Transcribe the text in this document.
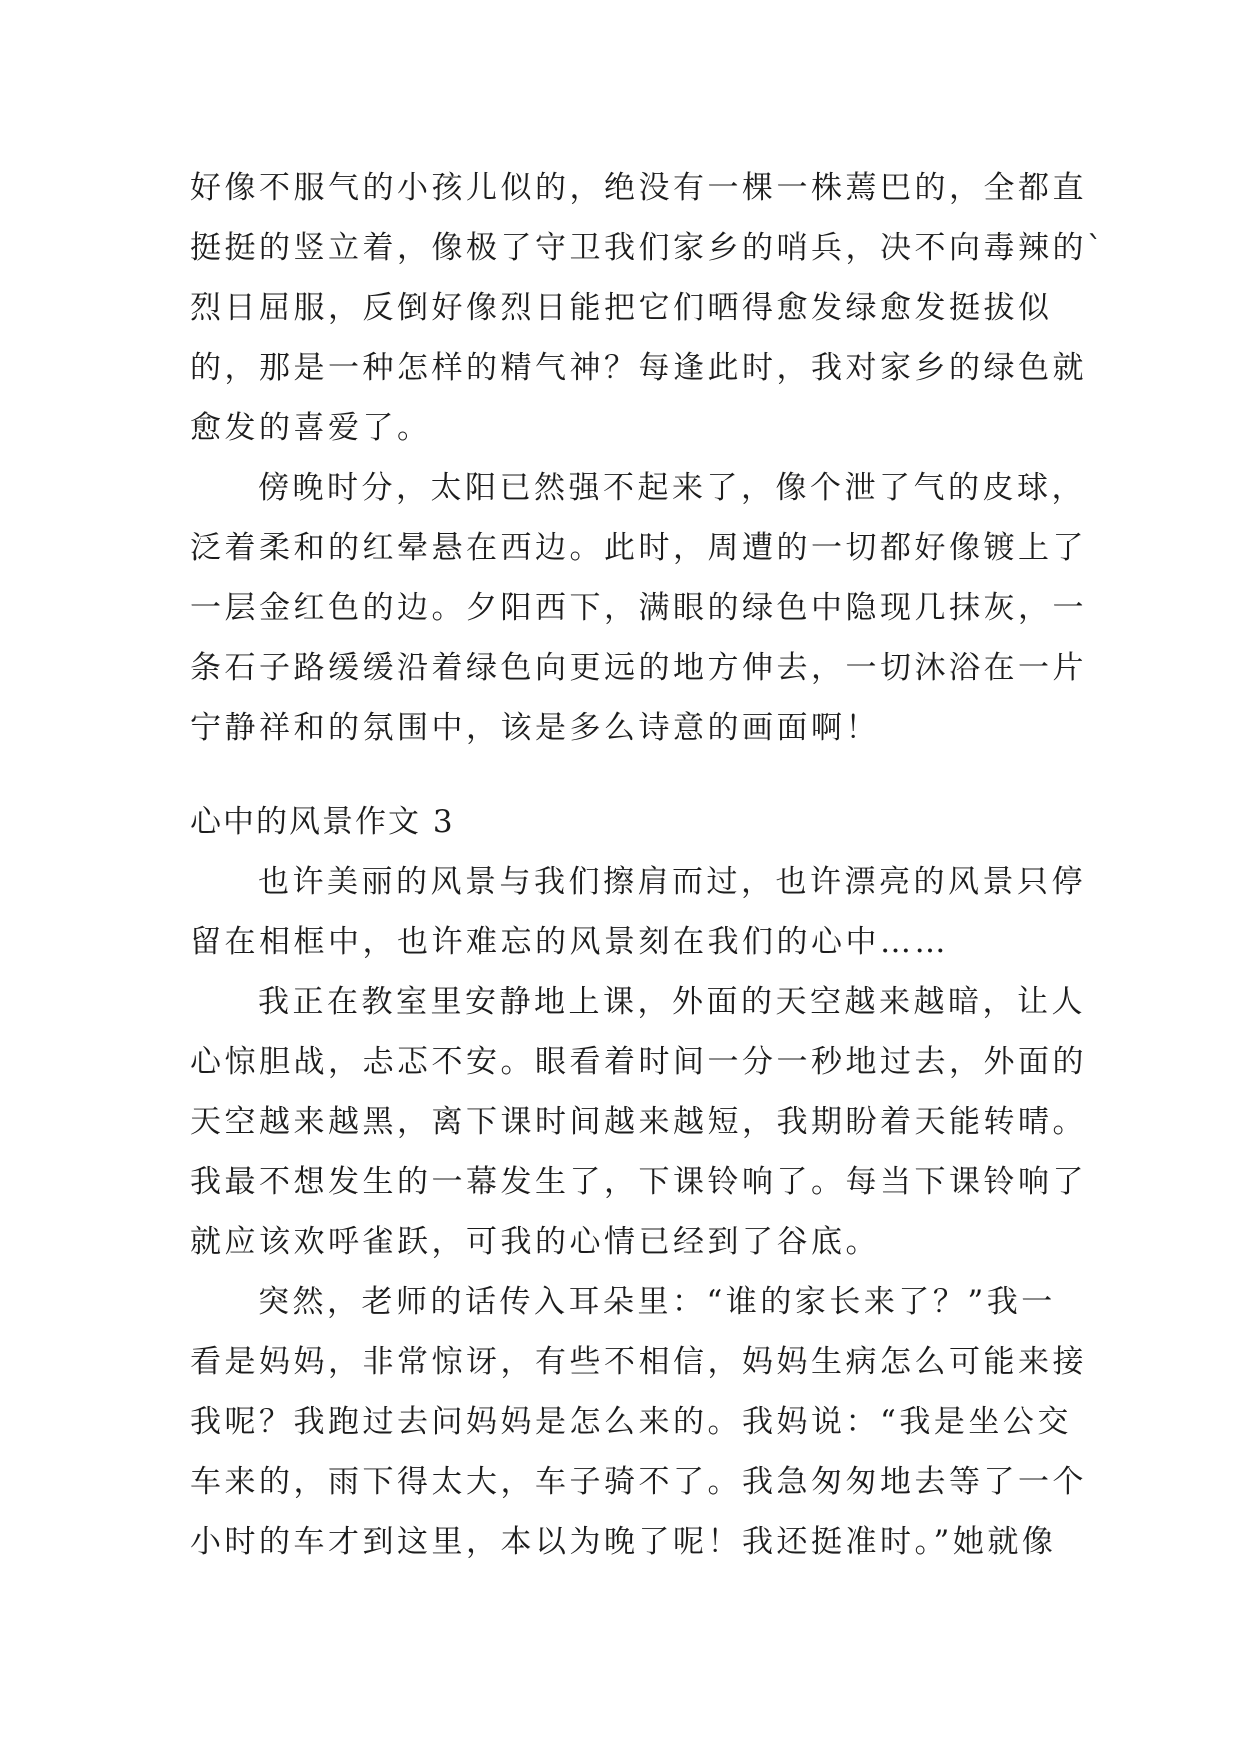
好像不服气的小孩儿似的，绝没有一棵一株蔫巴的，全都直
挺挺的竖立着，像极了守卫我们家乡的哨兵，决不向毒辣的`
烈日屈服，反倒好像烈日能把它们晒得愈发绿愈发挺拔似
的，那是一种怎样的精气神？每逢此时，我对家乡的绿色就
愈发的喜爱了。
傍晚时分，太阳已然强不起来了，像个泄了气的皮球，
泛着柔和的红晕悬在西边。此时，周遭的一切都好像镀上了
一层金红色的边。夕阳西下，满眼的绿色中隐现几抹灰，一
条石子路缓缓沿着绿色向更远的地方伸去，一切沐浴在一片
宁静祥和的氛围中，该是多么诗意的画面啊！
心中的风景作文 3
也许美丽的风景与我们擦肩而过，也许漂亮的风景只停
留在相框中，也许难忘的风景刻在我们的心中……
我正在教室里安静地上课，外面的天空越来越暗，让人
心惊胆战，忐忑不安。眼看着时间一分一秒地过去，外面的
天空越来越黑，离下课时间越来越短，我期盼着天能转晴。
我最不想发生的一幕发生了，下课铃响了。每当下课铃响了
就应该欢呼雀跃，可我的心情已经到了谷底。
突然，老师的话传入耳朵里：“谁的家长来了？”我一
看是妈妈，非常惊讶，有些不相信，妈妈生病怎么可能来接
我呢？我跑过去问妈妈是怎么来的。我妈说：“我是坐公交
车来的，雨下得太大，车子骑不了。我急匆匆地去等了一个
小时的车才到这里，本以为晚了呢！我还挺准时。”她就像
